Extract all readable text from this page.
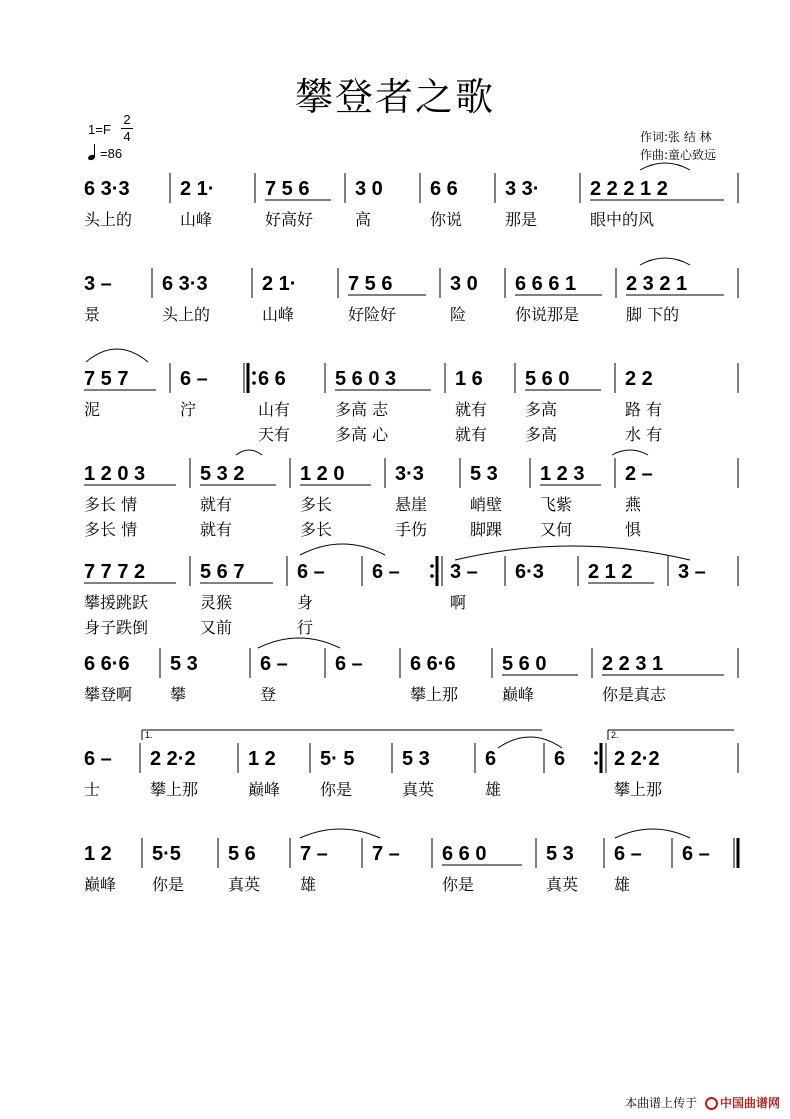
攀登者之歌
1=F
2
4
=86
作词:张 结 林
作曲:童心致远
6 3·3
头上的
2 1·
山峰
7 5 6
好高好
3 0
高
6 6
你说
3 3·
那是
2 2 2 1 2
眼中的风
3 –
景
6 3·3
头上的
2 1·
山峰
7 5 6
好险好
3 0
险
6 6 6 1
你说那是
2 3 2 1
脚 下的
7 5 7
泥
6 –
泞
6 6
山有
天有
5 6 0 3
多高 志
多高 心
1 6
就有
就有
5 6 0
多高
多高
2 2
路 有
水 有
1 2 0 3
多长 情
多长 情
5 3 2
就有
就有
1 2 0
多长
多长
3·3
悬崖
手伤
5 3
峭壁
脚踝
1 2 3
飞紫
又何
2 –
燕
惧
7 7 7 2
攀援跳跃
身子跌倒
5 6 7
灵猴
又前
6 –
身
行
6 –	3 –
啊
6·3 2 1 2 3 –
6 6·6
攀登啊
5 3
攀
6 –
登
6 – 6 6·6
攀上那
5 6 0
巅峰
2 2 3 1
你是真志
6 –
士
2 2·2
攀上那
1 2
巅峰
5· 5
你是
5 3
真英
6
雄
6 2 2·2
攀上那
1.	2.
1 2
巅峰
5·5
你是
5 6
真英
7 –
雄
7 – 6 6 0
你是
5 3
真英
6 –
雄
6 –
本曲谱上传于 中国曲谱网
